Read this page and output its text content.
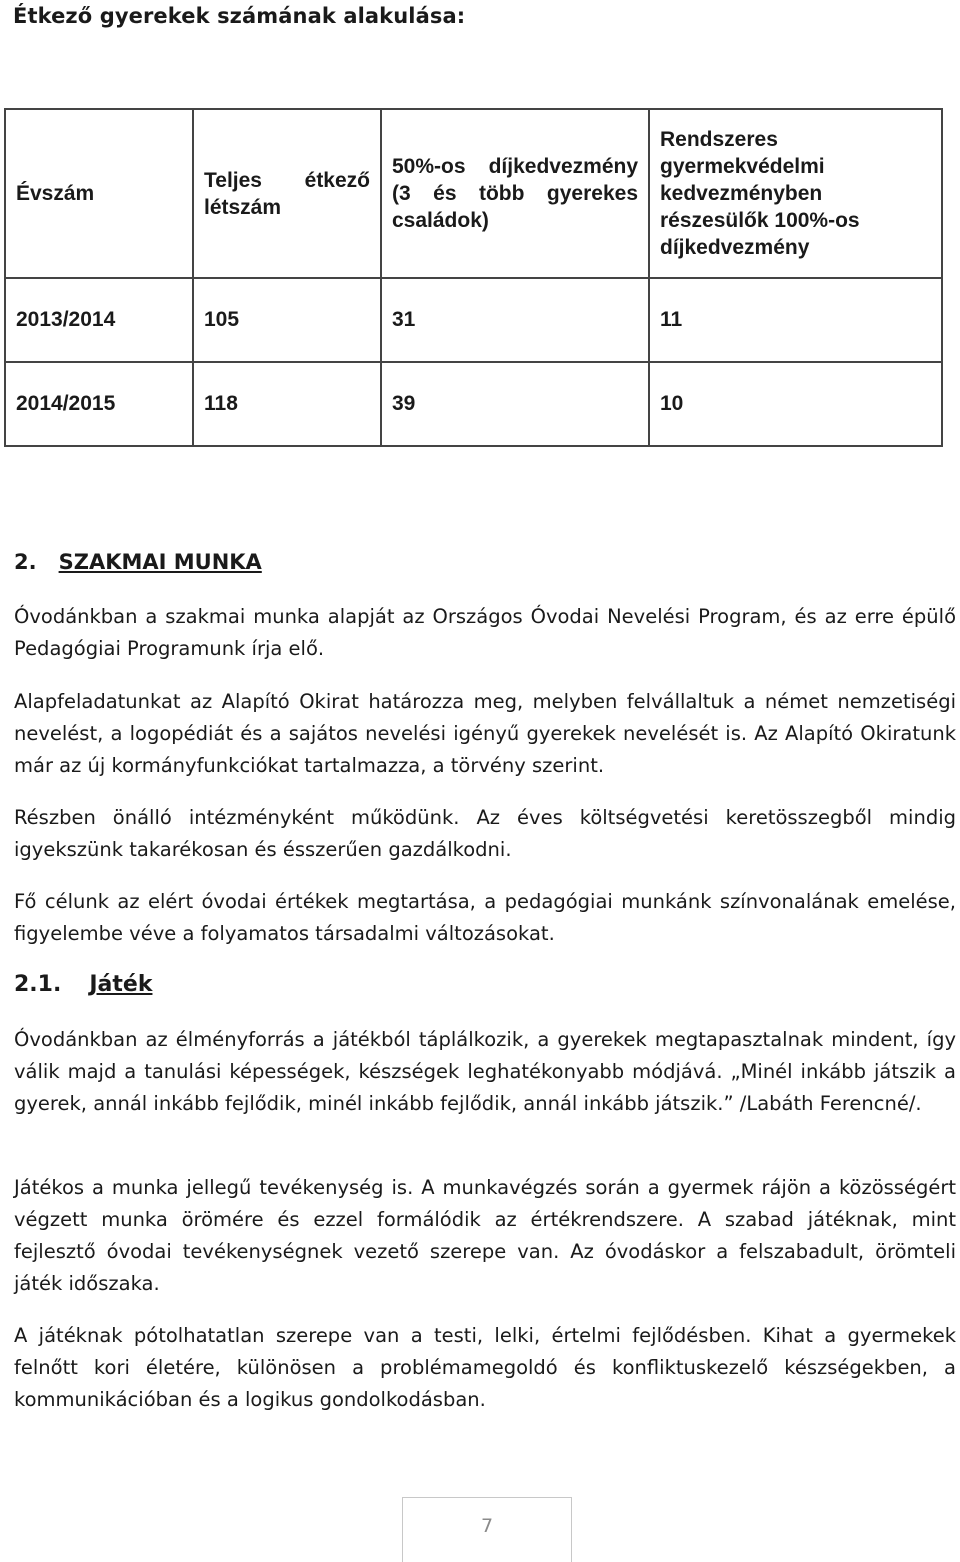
Étkező gyerekek számának alakulása:
Évszám	Teljes étkező létszám	50%-os díjkedvezmény (3 és több gyerekes családok)	Rendszeres gyermekvédelmi kedvezményben részesülők 100%-os díjkedvezmény
2013/2014	105	31	11
2014/2015	118	39	10
2. SZAKMAI MUNKA
Óvodánkban a szakmai munka alapját az Országos Óvodai Nevelési Program, és az erre épülő Pedagógiai Programunk írja elő.
Alapfeladatunkat az Alapító Okirat határozza meg, melyben felvállaltuk a német nemzetiségi nevelést, a logopédiát és a sajátos nevelési igényű gyerekek nevelését is. Az Alapító Okiratunk már az új kormányfunkciókat tartalmazza, a törvény szerint.
Részben önálló intézményként működünk. Az éves költségvetési keretösszegből mindig igyekszünk takarékosan és ésszerűen gazdálkodni.
Fő célunk az elért óvodai értékek megtartása, a pedagógiai munkánk színvonalának emelése, figyelembe véve a folyamatos társadalmi változásokat.
2.1. Játék
Óvodánkban az élményforrás a játékból táplálkozik, a gyerekek megtapasztalnak mindent, így válik majd a tanulási képességek, készségek leghatékonyabb módjává. „Minél inkább játszik a gyerek, annál inkább fejlődik, minél inkább fejlődik, annál inkább játszik.” /Labáth Ferencné/.
Játékos a munka jellegű tevékenység is. A munkavégzés során a gyermek rájön a közösségért végzett munka örömére és ezzel formálódik az értékrendszere. A szabad játéknak, mint fejlesztő óvodai tevékenységnek vezető szerepe van. Az óvodáskor a felszabadult, örömteli játék időszaka.
A játéknak pótolhatatlan szerepe van a testi, lelki, értelmi fejlődésben. Kihat a gyermekek felnőtt kori életére, különösen a problémamegoldó és konfliktuskezelő készségekben, a kommunikációban és a logikus gondolkodásban.
7
